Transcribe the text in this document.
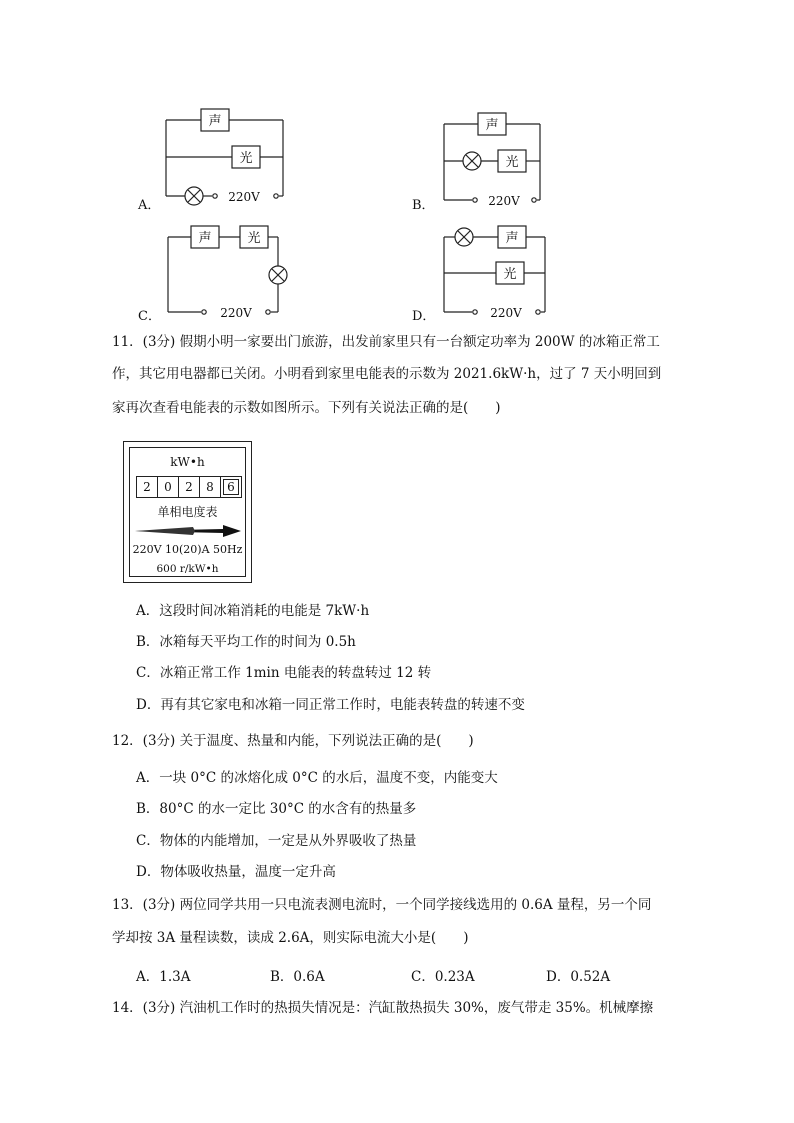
声
光
220V
A．
声
光
220V
B．
声	光
220V
C．
声
光
220V
D．
11．(3分) 假期小明一家要出门旅游，出发前家里只有一台额定功率为 200W 的冰箱正常工
作，其它用电器都已关闭。小明看到家里电能表的示数为 2021.6kW·h，过了 7 天小明回到
家再次查看电能表的示数如图所示。下列有关说法正确的是(　　)
kW•h
2	0	2	8	6
单相电度表
220V 10(20)A 50Hz
600 r/kW•h
A．这段时间冰箱消耗的电能是 7kW·h
B．冰箱每天平均工作的时间为 0.5h
C．冰箱正常工作 1min 电能表的转盘转过 12 转
D．再有其它家电和冰箱一同正常工作时，电能表转盘的转速不变
12．(3分) 关于温度、热量和内能，下列说法正确的是(　　)
A．一块 0°C 的冰熔化成 0°C 的水后，温度不变，内能变大
B．80°C 的水一定比 30°C 的水含有的热量多
C．物体的内能增加，一定是从外界吸收了热量
D．物体吸收热量，温度一定升高
13．(3分) 两位同学共用一只电流表测电流时，一个同学接线选用的 0.6A 量程，另一个同
学却按 3A 量程读数，读成 2.6A，则实际电流大小是(　　)
A．1.3A	B．0.6A	C．0.23A	D．0.52A
14．(3分) 汽油机工作时的热损失情况是：汽缸散热损失 30%，废气带走 35%。机械摩擦
